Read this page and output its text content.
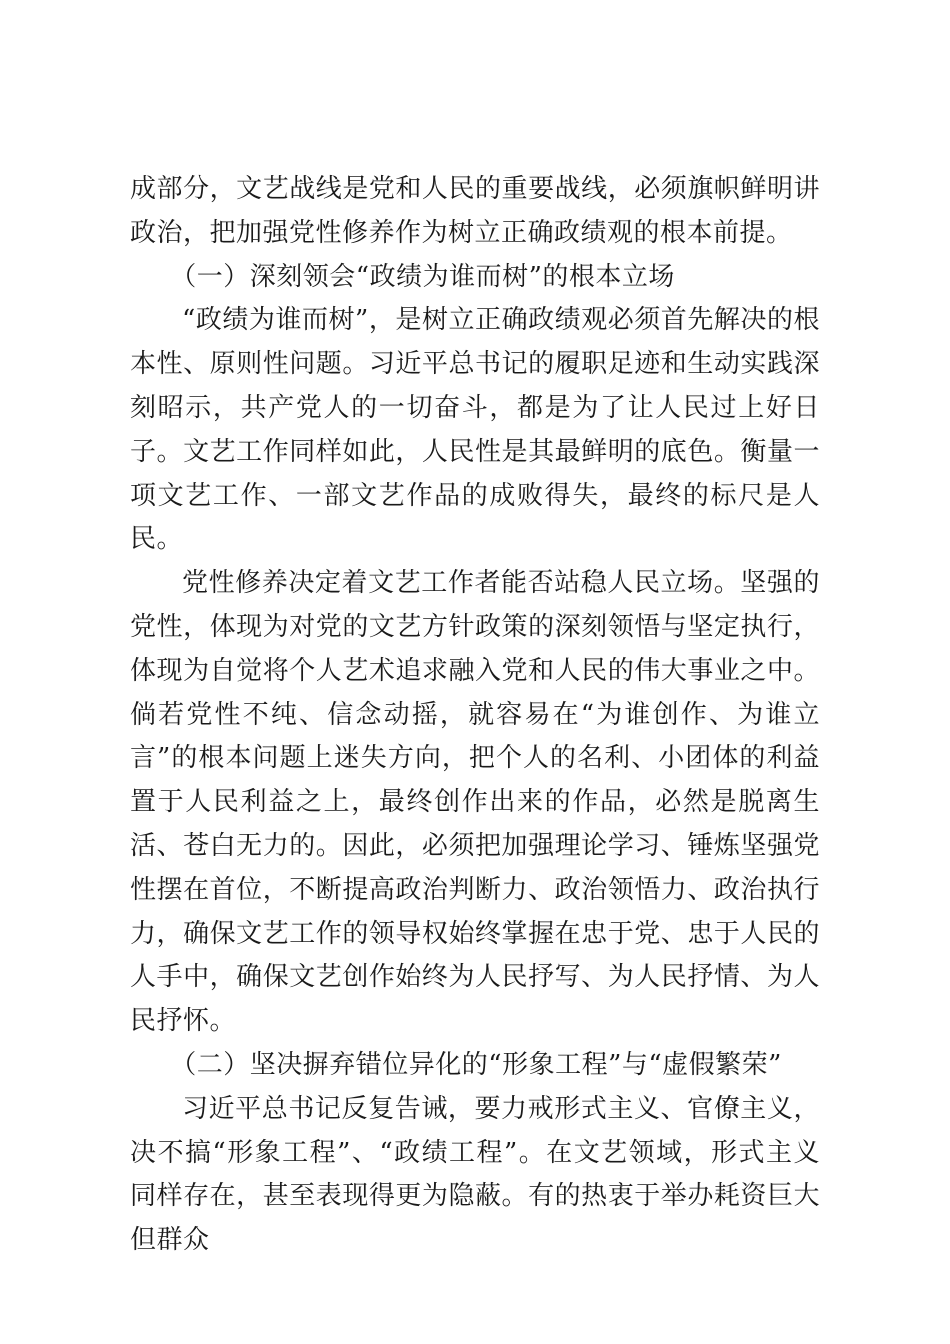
成部分，文艺战线是党和人民的重要战线，必须旗帜鲜明讲政治，把加强党性修养作为树立正确政绩观的根本前提。

（一）深刻领会“政绩为谁而树”的根本立场

“政绩为谁而树”，是树立正确政绩观必须首先解决的根本性、原则性问题。习近平总书记的履职足迹和生动实践深刻昭示，共产党人的一切奋斗，都是为了让人民过上好日子。文艺工作同样如此，人民性是其最鲜明的底色。衡量一项文艺工作、一部文艺作品的成败得失，最终的标尺是人民。

党性修养决定着文艺工作者能否站稳人民立场。坚强的党性，体现为对党的文艺方针政策的深刻领悟与坚定执行，体现为自觉将个人艺术追求融入党和人民的伟大事业之中。倘若党性不纯、信念动摇，就容易在“为谁创作、为谁立言”的根本问题上迷失方向，把个人的名利、小团体的利益置于人民利益之上，最终创作出来的作品，必然是脱离生活、苍白无力的。因此，必须把加强理论学习、锤炼坚强党性摆在首位，不断提高政治判断力、政治领悟力、政治执行力，确保文艺工作的领导权始终掌握在忠于党、忠于人民的人手中，确保文艺创作始终为人民抒写、为人民抒情、为人民抒怀。

（二）坚决摒弃错位异化的“形象工程”与“虚假繁荣”

习近平总书记反复告诫，要力戒形式主义、官僚主义，决不搞“形象工程”、“政绩工程”。在文艺领域，形式主义同样存在，甚至表现得更为隐蔽。有的热衷于举办耗资巨大但群众
